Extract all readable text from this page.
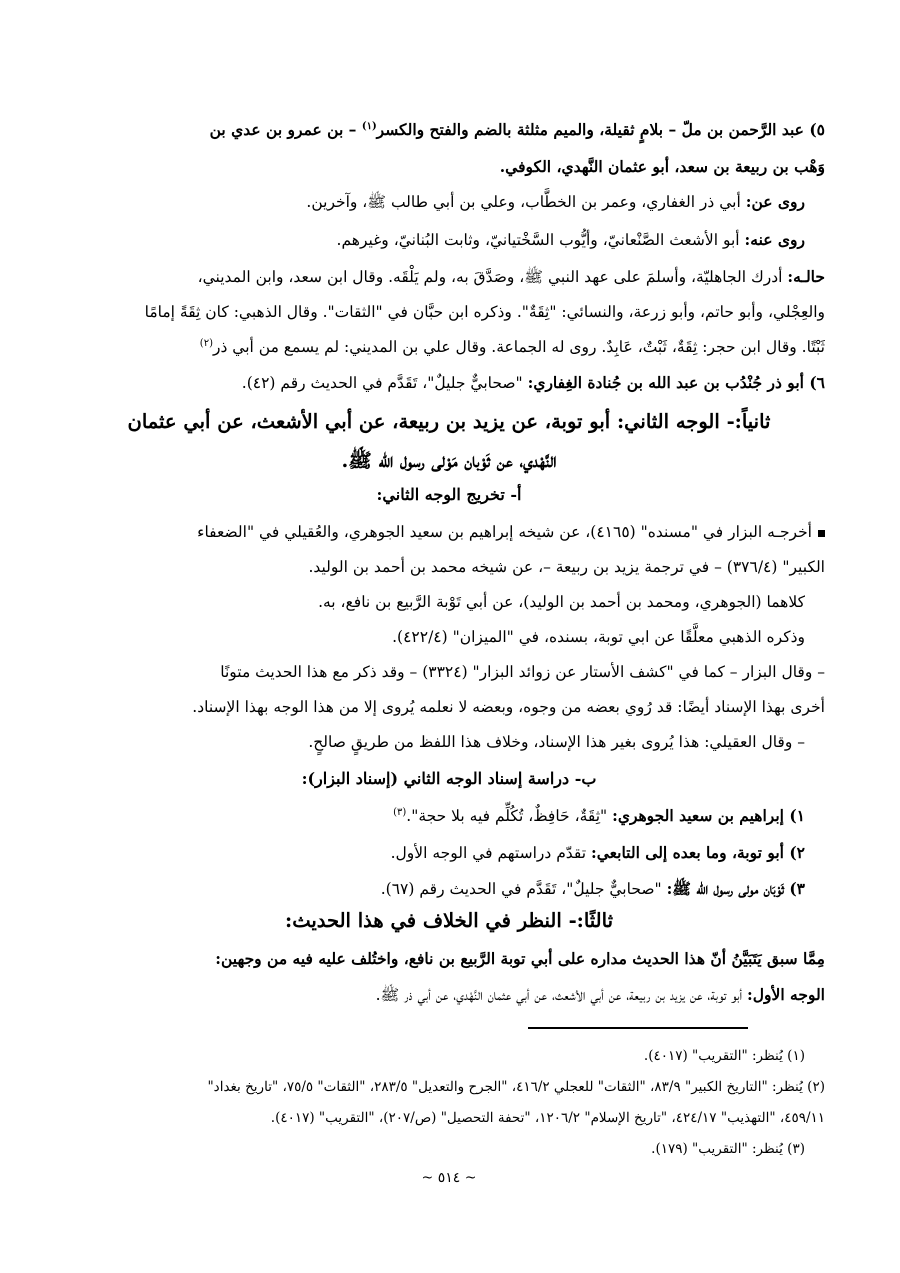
٥) عبد الرَّحمن بن ملّ – بلامٍ ثقيلة، والميم مثلثة بالضم والفتح والكسر$^{(١)}$ – بن عمرو بن عدي بن
وَهْب بن ربيعة بن سعد، أبو عثمان النَّهدي، الكوفي.
روى عن: أبي ذر الغفاري، وعمر بن الخطَّاب، وعلي بن أبي طالب ﷺ، وآخرين.
روى عنه: أبو الأشعث الصَّنْعانيّ، وأيُّوب السَّخْتيانيّ، وثابت البُنانيّ، وغيرهم.
حالـه: أدرك الجاهليّة، وأسلمَ على عهد النبي ﷺ، وصَدَّقَ به، ولم يَلْقَه. وقال ابن سعد، وابن المديني،
والعِجْلي، وأبو حاتم، وأبو زرعة، والنسائي: "ثِقَةٌ". وذكره ابن حبَّان في "الثقات". وقال الذهبي: كان ثِقَةً إمامًا
ثَبْتًا. وقال ابن حجر: ثِقَةٌ، ثَبْتٌ، عَابِدٌ. روى له الجماعة. وقال علي بن المديني: لم يسمع من أبي ذر$^{(٢)}$
٦) أبو ذر جُنْدُب بن عبد الله بن جُنادة الغِفاري: "صحابيٌّ جليلٌ"، تَقَدَّم في الحديث رقم (٤٢).
ثانياً:- الوجه الثاني: أبو توبة، عن يزيد بن ربيعة، عن أبي الأشعث، عن أبي عثمان
النَّهْدي، عن ثَوْبان مَوْلى رسول الله ﷺ.
أ- تخريج الوجه الثاني:
أخرجـه البزار في "مسنده" (٤١٦٥)، عن شيخه إبراهيم بن سعيد الجوهري، والعُقيلي في "الضعفاء
الكبير" (٣٧٦/٤) – في ترجمة يزيد بن ربيعة –، عن شيخه محمد بن أحمد بن الوليد.
كلاهما (الجوهري، ومحمد بن أحمد بن الوليد)، عن أبي تَوْبة الرَّبيع بن نافع، به.
وذكره الذهبي معلَّقًا عن ابي توبة، بسنده، في "الميزان" (٤٢٢/٤).
– وقال البزار – كما في "كشف الأستار عن زوائد البزار" (٣٣٢٤) – وقد ذكر مع هذا الحديث متونًا
أخرى بهذا الإسناد أيضًا: قد رُوي بعضه من وجوه، وبعضه لا نعلمه يُروى إلا من هذا الوجه بهذا الإسناد.
– وقال العقيلي: هذا يُروى بغير هذا الإسناد، وخلاف هذا اللفظ من طريقٍ صالحٍ.
ب- دراسة إسناد الوجه الثاني (إسناد البزار):
١) إبراهيم بن سعيد الجوهري: "ثِقَةٌ، حَافِظٌ، تُكُلِّم فيه بلا حجة".$^{(٣)}$
٢) أبو توبة، وما بعده إلى التابعي: تقدّم دراستهم في الوجه الأول.
٣) ثَوْبَان مولى رسول الله ﷺ: "صحابيٌّ جليلٌ"، تَقَدَّم في الحديث رقم (٦٧).
ثالثًا:- النظر في الخلاف في هذا الحديث:
مِمَّا سبق يَتَبَيَّنُ أنّ هذا الحديث مداره على أبي توبة الرَّبيع بن نافع، واختُلف عليه فيه من وجهين:
الوجه الأول: أبو توبة، عن يزيد بن ربيعة، عن أبي الأشعث، عن أبي عثمان النَّهْدي، عن أبي ذر ﷺ.
(١) يُنظر: "التقريب" (٤٠١٧).
(٢) يُنظر: "التاريخ الكبير" ٨٣/٩، "الثقات" للعجلي ٤١٦/٢، "الجرح والتعديل" ٢٨٣/٥، "الثقات" ٧٥/٥، "تاريخ بغداد"
٤٥٩/١١، "التهذيب" ٤٢٤/١٧، "تاريخ الإسلام" ١٢٠٦/٢، "تحفة التحصيل" (ص/٢٠٧)، "التقريب" (٤٠١٧).
(٣) يُنظر: "التقريب" (١٧٩).
~ ٥١٤ ~
